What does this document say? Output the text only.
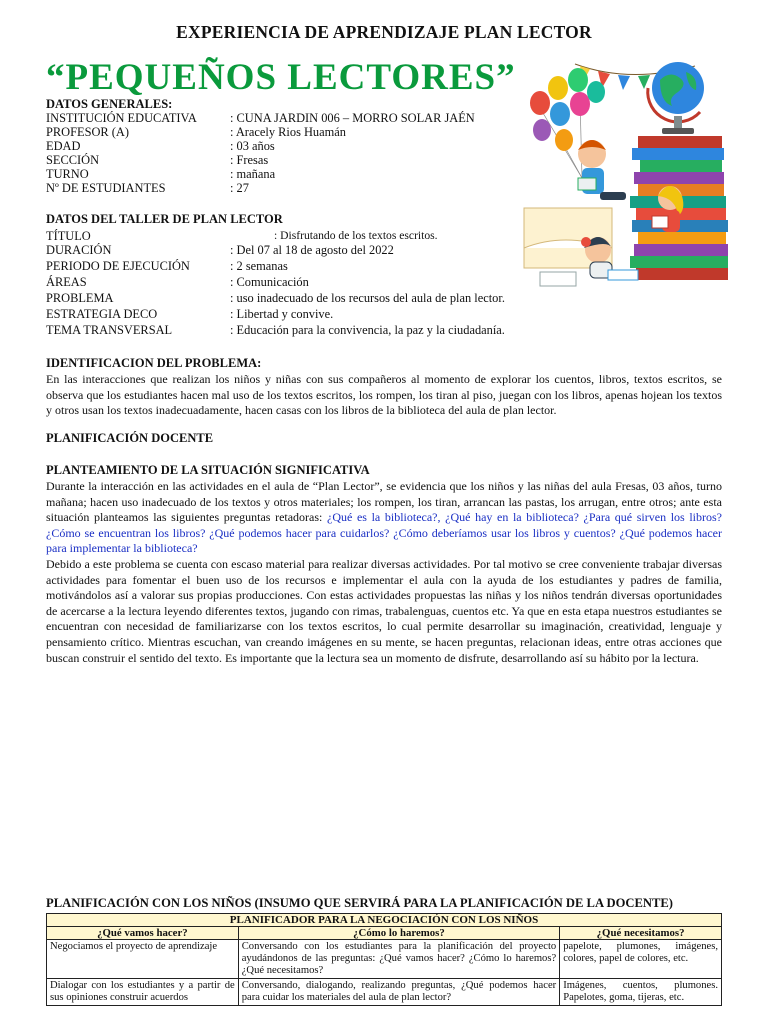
EXPERIENCIA DE APRENDIZAJE PLAN LECTOR
“PEQUEÑOS LECTORES”
DATOS GENERALES:
INSTITUCIÓN EDUCATIVA	: CUNA JARDIN 006 – MORRO SOLAR JAÉN
PROFESOR (A)	: Aracely Rios Huamán
EDAD	: 03 años
SECCIÓN	: Fresas
TURNO	: mañana
Nº DE ESTUDIANTES	: 27
DATOS DEL TALLER DE PLAN LECTOR
TÍTULO	: Disfrutando de los textos escritos.
DURACIÓN	: Del 07 al 18 de agosto del 2022
PERIODO DE EJECUCIÓN	: 2 semanas
ÁREAS	: Comunicación
PROBLEMA	: uso inadecuado de los recursos del aula de plan lector.
ESTRATEGIA DECO	: Libertad y convive.
TEMA TRANSVERSAL	: Educación para la convivencia, la paz y la ciudadanía.
IDENTIFICACION DEL PROBLEMA:

En las interacciones que realizan los niños y niñas con sus compañeros al momento de explorar los cuentos, libros, textos escritos, se observa que los estudiantes hacen mal uso de los textos escritos, los rompen, los tiran al piso, juegan con los libros, apenas hojean los textos y otros usan los textos inadecuadamente, hacen casas con los libros de la biblioteca del aula de plan lector.

PLANIFICACIÓN DOCENTE
PLANTEAMIENTO DE LA SITUACIÓN SIGNIFICATIVA

Durante la interacción en las actividades en el aula de “Plan Lector”, se evidencia que los niños y las niñas del aula Fresas, 03 años, turno mañana; hacen uso inadecuado de los textos y otros materiales; los rompen, los tiran, arrancan las pastas, los arrugan, entre otros; ante esta situación planteamos las siguientes preguntas retadoras: ¿Qué es la biblioteca?, ¿Qué hay en la biblioteca? ¿Para qué sirven los libros? ¿Cómo se encuentran los libros? ¿Qué podemos hacer para cuidarlos? ¿Cómo deberíamos usar los libros y cuentos? ¿Qué podemos hacer para implementar la biblioteca?
Debido a este problema se cuenta con escaso material para realizar diversas actividades. Por tal motivo se cree conveniente trabajar diversas actividades para fomentar el buen uso de los recursos e implementar el aula con la ayuda de los estudiantes y padres de familia, motivándolos así a valorar sus propias producciones. Con estas actividades propuestas las niñas y los niños tendrán diversas oportunidades de acercarse a la lectura leyendo diferentes textos, jugando con rimas, trabalenguas, cuentos etc. Ya que en esta etapa nuestros estudiantes se encuentran con necesidad de familiarizarse con los textos escritos, lo cual permite desarrollar su imaginación, creatividad, lenguaje y pensamiento crítico. Mientras escuchan, van creando imágenes en su mente, se hacen preguntas, relacionan ideas, entre otras acciones que buscan construir el sentido del texto. Es importante que la lectura sea un momento de disfrute, desarrollando así su hábito por la lectura.

PLANIFICACIÓN CON LOS NIÑOS (INSUMO QUE SERVIRÁ PARA LA PLANIFICACIÓN DE LA DOCENTE)
PLANIFICADOR PARA LA NEGOCIACIÓN CON LOS NIÑOS		
¿Qué vamos hacer?	¿Cómo lo haremos?	¿Qué necesitamos?
Negociamos el proyecto de aprendizaje	Conversando con los estudiantes para la planificación del proyecto ayudándonos de las preguntas: ¿Qué vamos hacer? ¿Cómo lo haremos? ¿Qué necesitamos?	papelote, plumones, imágenes, colores, papel de colores, etc.
Dialogar con los estudiantes y a partir de sus opiniones construir acuerdos	Conversando, dialogando, realizando preguntas, ¿Qué podemos hacer para cuidar los materiales del aula de plan lector?	Imágenes, cuentos, plumones. Papelotes, goma, tijeras, etc.
